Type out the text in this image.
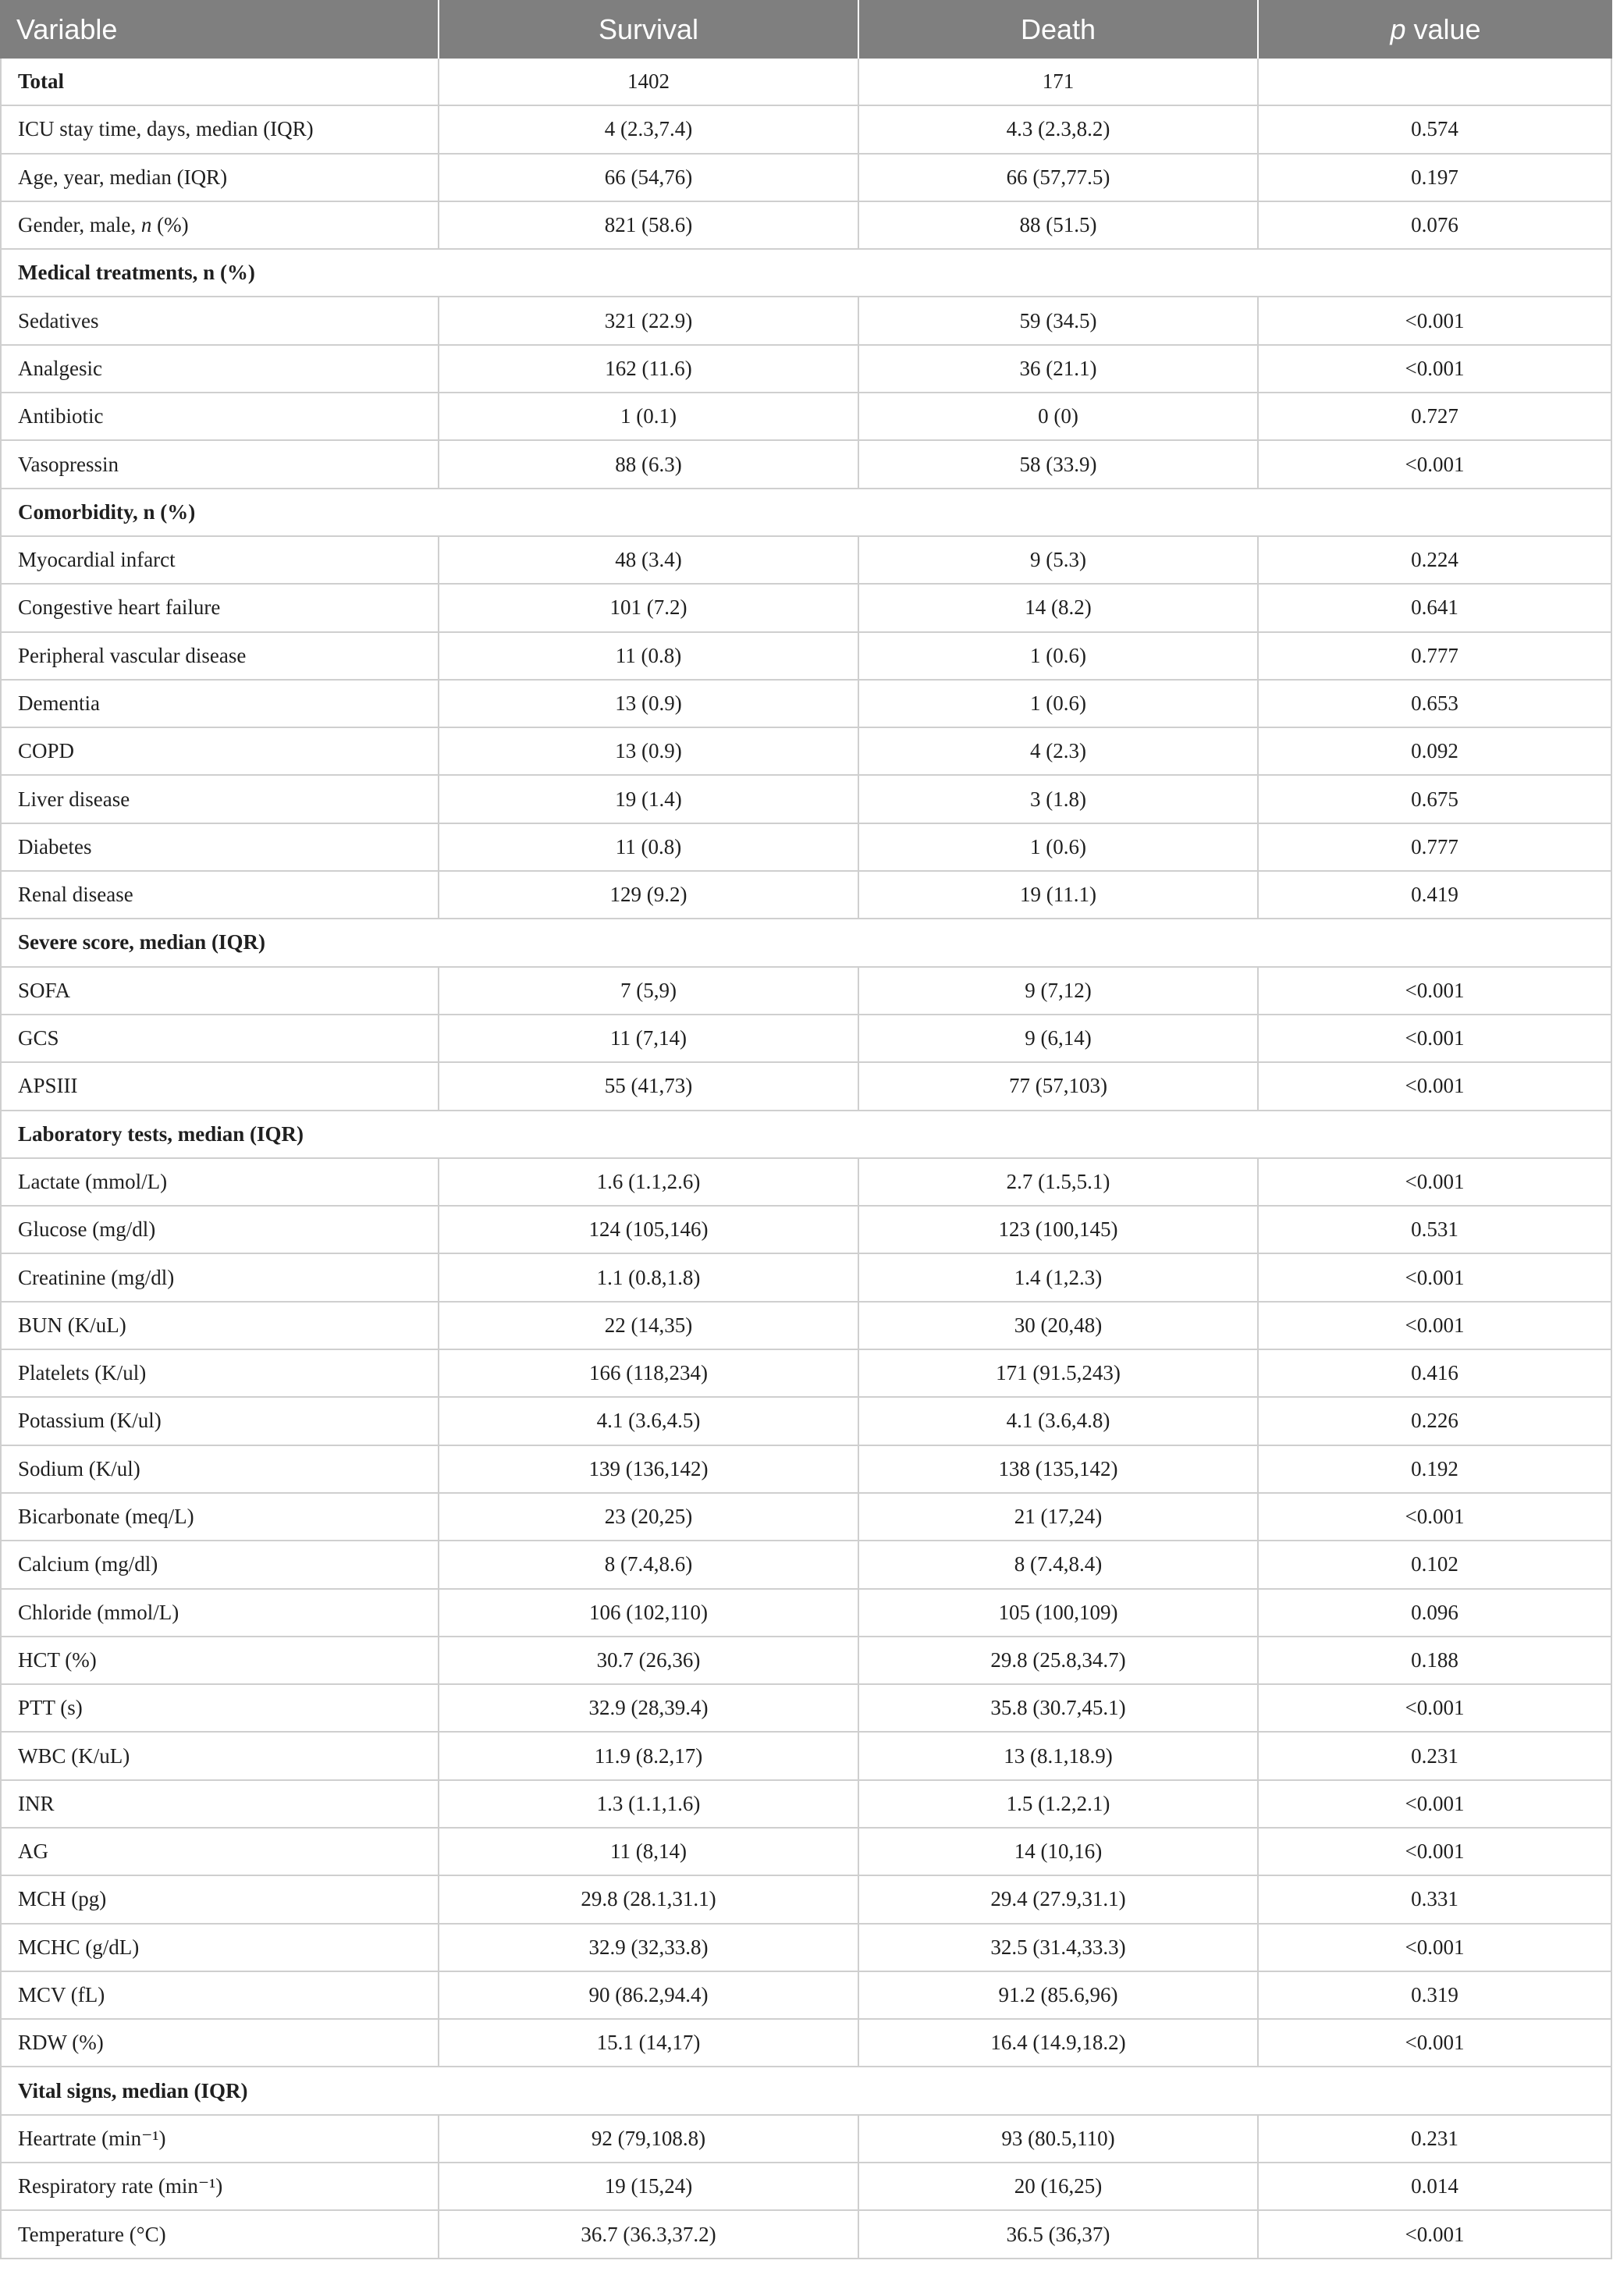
Variable	Survival	Death	p value
Total	1402	171
ICU stay time, days, median (IQR)	4 (2.3,7.4)	4.3 (2.3,8.2)	0.574
Age, year, median (IQR)	66 (54,76)	66 (57,77.5)	0.197
Gender, male, n (%)	821 (58.6)	88 (51.5)	0.076
Medical treatments, n (%)
Sedatives	321 (22.9)	59 (34.5)	<0.001
Analgesic	162 (11.6)	36 (21.1)	<0.001
Antibiotic	1 (0.1)	0 (0)	0.727
Vasopressin	88 (6.3)	58 (33.9)	<0.001
Comorbidity, n (%)
Myocardial infarct	48 (3.4)	9 (5.3)	0.224
Congestive heart failure	101 (7.2)	14 (8.2)	0.641
Peripheral vascular disease	11 (0.8)	1 (0.6)	0.777
Dementia	13 (0.9)	1 (0.6)	0.653
COPD	13 (0.9)	4 (2.3)	0.092
Liver disease	19 (1.4)	3 (1.8)	0.675
Diabetes	11 (0.8)	1 (0.6)	0.777
Renal disease	129 (9.2)	19 (11.1)	0.419
Severe score, median (IQR)
SOFA	7 (5,9)	9 (7,12)	<0.001
GCS	11 (7,14)	9 (6,14)	<0.001
APSIII	55 (41,73)	77 (57,103)	<0.001
Laboratory tests, median (IQR)
Lactate (mmol/L)	1.6 (1.1,2.6)	2.7 (1.5,5.1)	<0.001
Glucose (mg/dl)	124 (105,146)	123 (100,145)	0.531
Creatinine (mg/dl)	1.1 (0.8,1.8)	1.4 (1,2.3)	<0.001
BUN (K/uL)	22 (14,35)	30 (20,48)	<0.001
Platelets (K/ul)	166 (118,234)	171 (91.5,243)	0.416
Potassium (K/ul)	4.1 (3.6,4.5)	4.1 (3.6,4.8)	0.226
Sodium (K/ul)	139 (136,142)	138 (135,142)	0.192
Bicarbonate (meq/L)	23 (20,25)	21 (17,24)	<0.001
Calcium (mg/dl)	8 (7.4,8.6)	8 (7.4,8.4)	0.102
Chloride (mmol/L)	106 (102,110)	105 (100,109)	0.096
HCT (%)	30.7 (26,36)	29.8 (25.8,34.7)	0.188
PTT (s)	32.9 (28,39.4)	35.8 (30.7,45.1)	<0.001
WBC (K/uL)	11.9 (8.2,17)	13 (8.1,18.9)	0.231
INR	1.3 (1.1,1.6)	1.5 (1.2,2.1)	<0.001
AG	11 (8,14)	14 (10,16)	<0.001
MCH (pg)	29.8 (28.1,31.1)	29.4 (27.9,31.1)	0.331
MCHC (g/dL)	32.9 (32,33.8)	32.5 (31.4,33.3)	<0.001
MCV (fL)	90 (86.2,94.4)	91.2 (85.6,96)	0.319
RDW (%)	15.1 (14,17)	16.4 (14.9,18.2)	<0.001
Vital signs, median (IQR)
Heartrate (min⁻¹)	92 (79,108.8)	93 (80.5,110)	0.231
Respiratory rate (min⁻¹)	19 (15,24)	20 (16,25)	0.014
Temperature (°C)	36.7 (36.3,37.2)	36.5 (36,37)	<0.001
